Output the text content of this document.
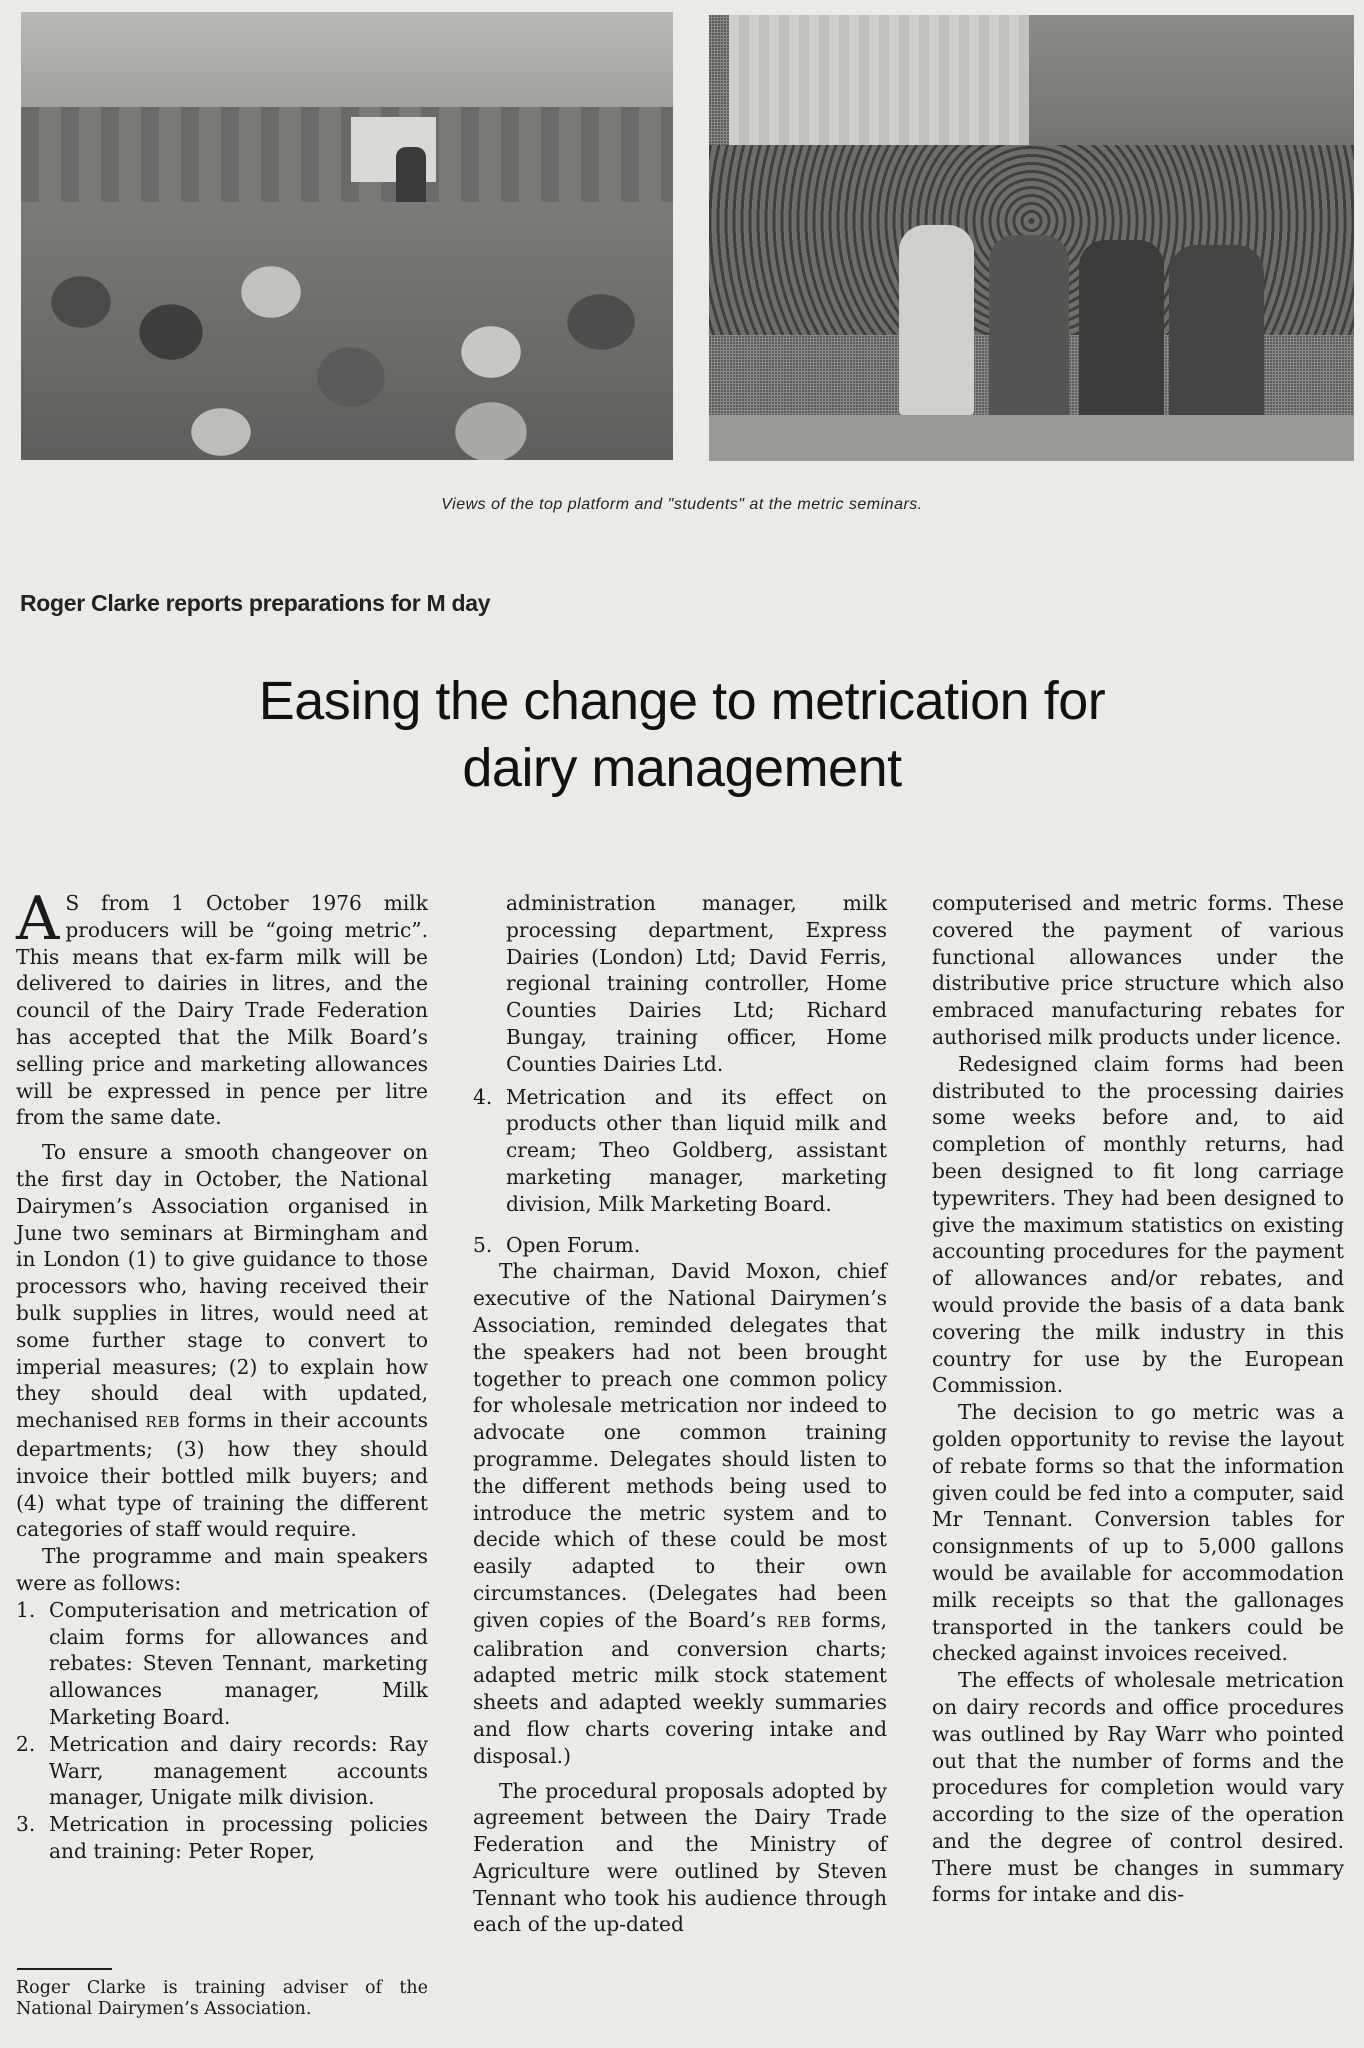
Views of the top platform and "students" at the metric seminars.
Roger Clarke reports preparations for M day
Easing the change to metrication for
dairy management

A S from 1 October 1976 milk producers will be “going metric”. This means that ex-farm milk will be delivered to dairies in litres, and the council of the Dairy Trade Federation has accepted that the Milk Board’s selling price and marketing allowances will be expressed in pence per litre from the same date.

To ensure a smooth changeover on the first day in October, the National Dairymen’s Association organised in June two seminars at Birmingham and in London (1) to give guidance to those processors who, having received their bulk supplies in litres, would need at some further stage to convert to imperial measures; (2) to explain how they should deal with updated, mechanised REB forms in their accounts departments; (3) how they should invoice their bottled milk buyers; and (4) what type of training the different categories of staff would require.

The programme and main speakers were as follows:

1. Computerisation and metrication of claim forms for allowances and rebates: Steven Tennant, marketing allowances manager, Milk Marketing Board.
2. Metrication and dairy records: Ray Warr, management accounts manager, Unigate milk division.
3. Metrication in processing policies and training: Peter Roper,
Roger Clarke is training adviser of the National Dairymen’s Association.

administration manager, milk processing department, Express Dairies (London) Ltd; David Ferris, regional training controller, Home Counties Dairies Ltd; Richard Bungay, training officer, Home Counties Dairies Ltd.

4. Metrication and its effect on products other than liquid milk and cream; Theo Goldberg, assistant marketing manager, marketing division, Milk Marketing Board.
5. Open Forum.

The chairman, David Moxon, chief executive of the National Dairymen’s Association, reminded delegates that the speakers had not been brought together to preach one common policy for wholesale metrication nor indeed to advocate one common training programme. Delegates should listen to the different methods being used to introduce the metric system and to decide which of these could be most easily adapted to their own circumstances. (Delegates had been given copies of the Board’s REB forms, calibration and conversion charts; adapted metric milk stock statement sheets and adapted weekly summaries and flow charts covering intake and disposal.)

The procedural proposals adopted by agreement between the Dairy Trade Federation and the Ministry of Agriculture were outlined by Steven Tennant who took his audience through each of the up-dated

computerised and metric forms. These covered the payment of various functional allowances under the distributive price structure which also embraced manufacturing rebates for authorised milk products under licence.

Redesigned claim forms had been distributed to the processing dairies some weeks before and, to aid completion of monthly returns, had been designed to fit long carriage typewriters. They had been designed to give the maximum statistics on existing accounting procedures for the payment of allowances and/or rebates, and would provide the basis of a data bank covering the milk industry in this country for use by the European Commission.

The decision to go metric was a golden opportunity to revise the layout of rebate forms so that the information given could be fed into a computer, said Mr Tennant. Conversion tables for consignments of up to 5,000 gallons would be available for accommodation milk receipts so that the gallonages transported in the tankers could be checked against invoices received.

The effects of wholesale metrication on dairy records and office procedures was outlined by Ray Warr who pointed out that the number of forms and the procedures for completion would vary according to the size of the operation and the degree of control desired. There must be changes in summary forms for intake and dis-
